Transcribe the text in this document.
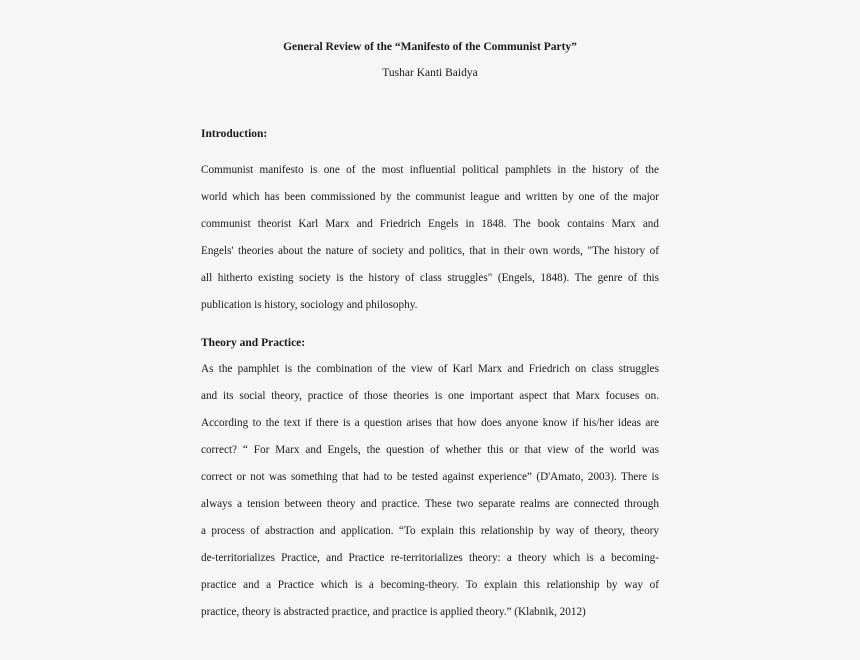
General Review of the “Manifesto of the Communist Party”
Tushar Kanti Baidya
Introduction:
Communist manifesto is one of the most influential political pamphlets in the history of the
world which has been commissioned by the communist league and written by one of the major
communist theorist Karl Marx and Friedrich Engels in 1848. The book contains Marx and
Engels' theories about the nature of society and politics, that in their own words, "The history of
all hitherto existing society is the history of class struggles" (Engels, 1848). The genre of this
publication is history, sociology and philosophy.
Theory and Practice:
As the pamphlet is the combination of the view of Karl Marx and Friedrich on class struggles
and its social theory, practice of those theories is one important aspect that Marx focuses on.
According to the text if there is a question arises that how does anyone know if his/her ideas are
correct? “ For Marx and Engels, the question of whether this or that view of the world was
correct or not was something that had to be tested against experience” (D'Amato, 2003). There is
always a tension between theory and practice. These two separate realms are connected through
a process of abstraction and application. “To explain this relationship by way of theory, theory
de-territorializes Practice, and Practice re-territorializes theory: a theory which is a becoming-
practice and a Practice which is a becoming-theory. To explain this relationship by way of
practice, theory is abstracted practice, and practice is applied theory.” (Klabnik, 2012)
